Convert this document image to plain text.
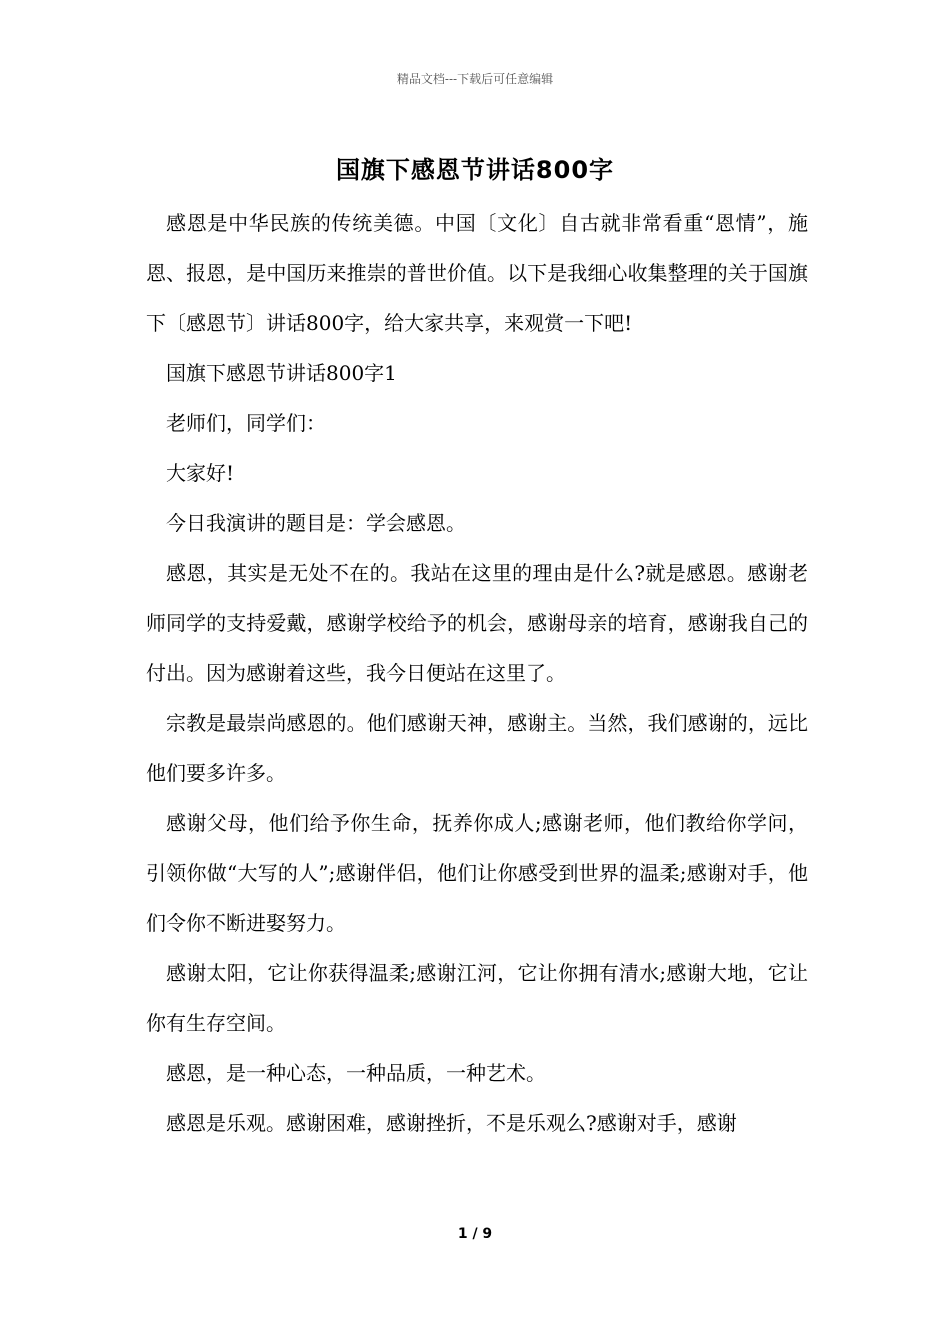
精品文档---下载后可任意编辑
国旗下感恩节讲话800字

感恩是中华民族的传统美德。中国〔文化〕自古就非常看重“恩情”，施恩、报恩，是中国历来推崇的普世价值。以下是我细心收集整理的关于国旗下〔感恩节〕讲话800字，给大家共享，来观赏一下吧!

国旗下感恩节讲话800字1

老师们，同学们：

大家好!

今日我演讲的题目是：学会感恩。

感恩，其实是无处不在的。我站在这里的理由是什么?就是感恩。感谢老师同学的支持爱戴，感谢学校给予的机会，感谢母亲的培育，感谢我自己的付出。因为感谢着这些，我今日便站在这里了。

宗教是最崇尚感恩的。他们感谢天神，感谢主。当然，我们感谢的，远比他们要多许多。

感谢父母，他们给予你生命，抚养你成人;感谢老师，他们教给你学问，引领你做“大写的人”;感谢伴侣，他们让你感受到世界的温柔;感谢对手，他们令你不断进娶努力。

感谢太阳，它让你获得温柔;感谢江河，它让你拥有清水;感谢大地，它让你有生存空间。

感恩，是一种心态，一种品质，一种艺术。

感恩是乐观。感谢困难，感谢挫折，不是乐观么?感谢对手，感谢

1 / 9
